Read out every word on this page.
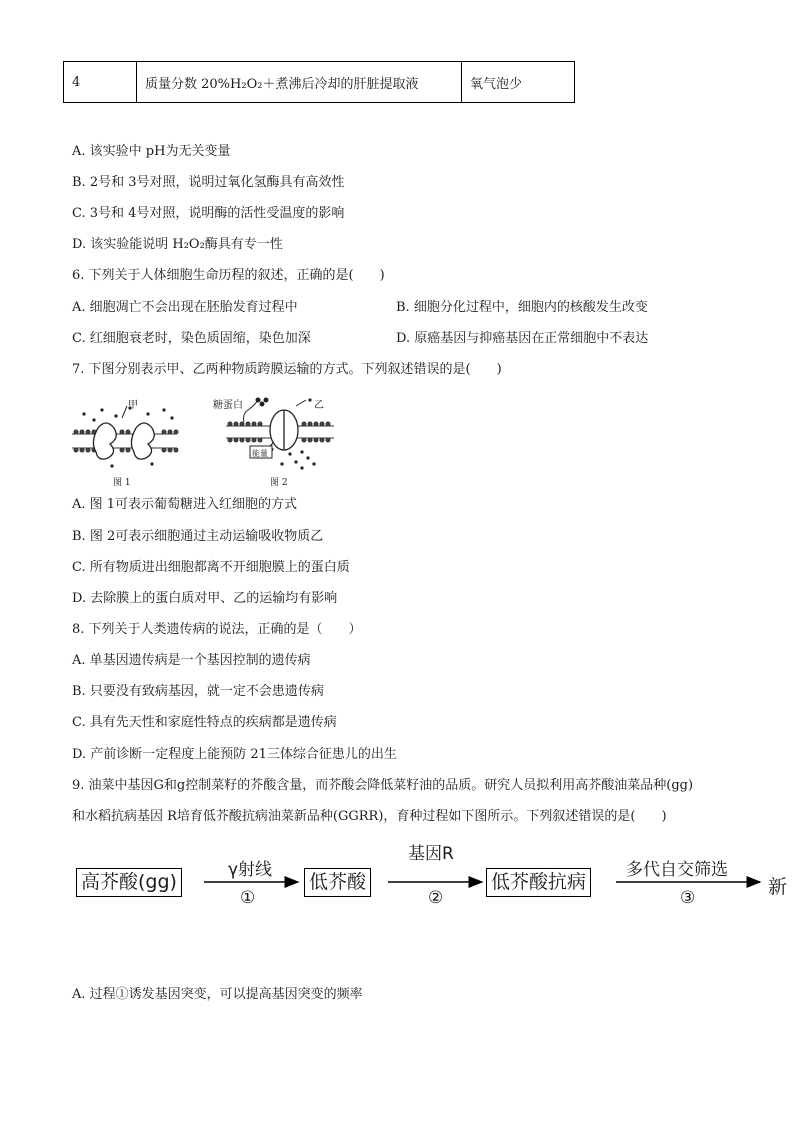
4	质量分数 20%H₂O₂＋煮沸后冷却的肝脏提取液	氧气泡少
A. 该实验中 pH为无关变量
B. 2号和 3号对照，说明过氧化氢酶具有高效性
C. 3号和 4号对照，说明酶的活性受温度的影响
D. 该实验能说明 H₂O₂酶具有专一性
6. 下列关于人体细胞生命历程的叙述，正确的是(　　)
A. 细胞凋亡不会出现在胚胎发育过程中	B. 细胞分化过程中，细胞内的核酸发生改变
C. 红细胞衰老时，染色质固缩，染色加深	D. 原癌基因与抑癌基因在正常细胞中不表达
7. 下图分别表示甲、乙两种物质跨膜运输的方式。下列叙述错误的是(　　)
甲
图 1
糖蛋白	乙
能量
图 2
A. 图 1可表示葡萄糖进入红细胞的方式
B. 图 2可表示细胞通过主动运输吸收物质乙
C. 所有物质进出细胞都离不开细胞膜上的蛋白质
D. 去除膜上的蛋白质对甲、乙的运输均有影响
8. 下列关于人类遗传病的说法，正确的是（　　）
A. 单基因遗传病是一个基因控制的遗传病
B. 只要没有致病基因，就一定不会患遗传病
C. 具有先天性和家庭性特点的疾病都是遗传病
D. 产前诊断一定程度上能预防 21三体综合征患儿的出生
9. 油菜中基因G和g控制菜籽的芥酸含量，而芥酸会降低菜籽油的品质。研究人员拟利用高芥酸油菜品种(gg)
和水稻抗病基因 R培育低芥酸抗病油菜新品种(GGRR)，育种过程如下图所示。下列叙述错误的是(　　)
高芥酸(gg)
γ射线
①
低芥酸
基因R
②
低芥酸抗病
多代自交筛选
③	新
A. 过程①诱发基因突变，可以提高基因突变的频率
